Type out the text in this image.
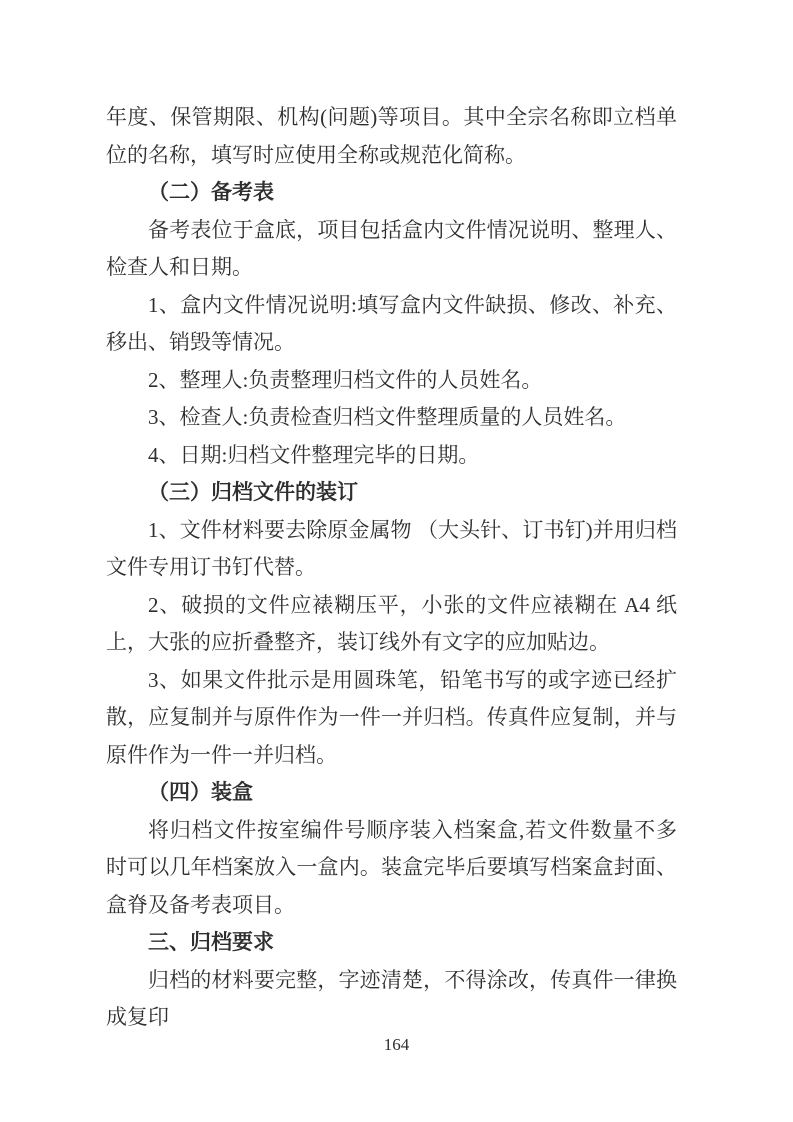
年度、保管期限、机构(问题)等项目。其中全宗名称即立档单位的名称，填写时应使用全称或规范化简称。

（二）备考表

备考表位于盒底，项目包括盒内文件情况说明、整理人、检查人和日期。

1、盒内文件情况说明:填写盒内文件缺损、修改、补充、移出、销毁等情况。

2、整理人:负责整理归档文件的人员姓名。

3、检查人:负责检查归档文件整理质量的人员姓名。

4、日期:归档文件整理完毕的日期。

（三）归档文件的装订

1、文件材料要去除原金属物 （大头针、订书钉)并用归档文件专用订书钉代替。

2、破损的文件应裱糊压平，小张的文件应裱糊在 A4 纸上，大张的应折叠整齐，装订线外有文字的应加贴边。

3、如果文件批示是用圆珠笔，铅笔书写的或字迹已经扩散，应复制并与原件作为一件一并归档。传真件应复制，并与原件作为一件一并归档。

（四）装盒

将归档文件按室编件号顺序装入档案盒,若文件数量不多时可以几年档案放入一盒内。装盒完毕后要填写档案盒封面、盒脊及备考表项目。

三、归档要求

归档的材料要完整，字迹清楚，不得涂改，传真件一律换成复印

164
